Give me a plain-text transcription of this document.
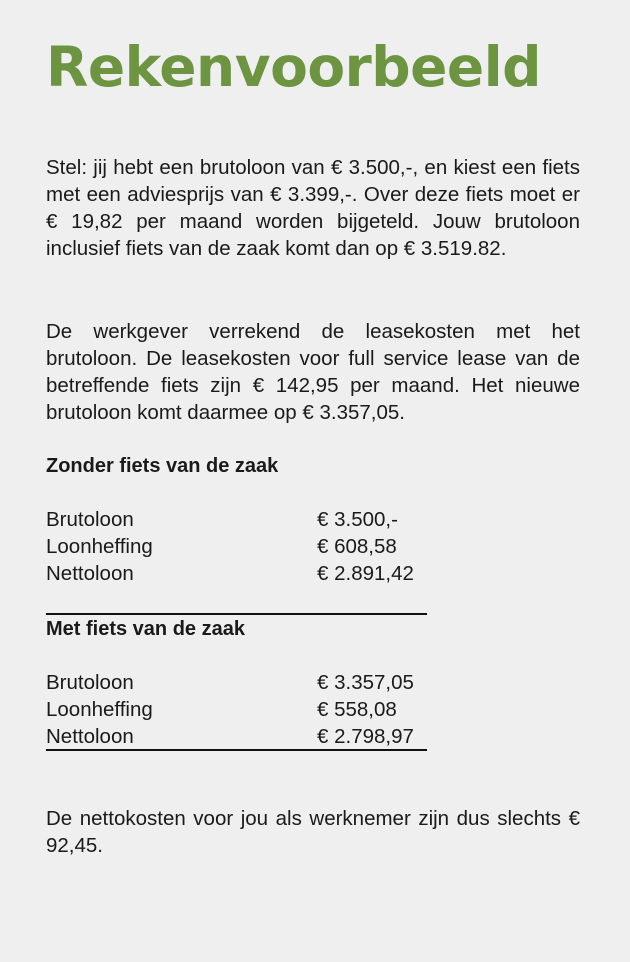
Rekenvoorbeeld

Stel: jij hebt een brutoloon van € 3.500,-, en kiest een fiets met een adviesprijs van € 3.399,-. Over deze fiets moet er € 19,82 per maand worden bijgeteld. Jouw brutoloon inclusief fiets van de zaak komt dan op € 3.519.82.

De werkgever verrekend de leasekosten met het brutoloon. De leasekosten voor full service lease van de betreffende fiets zijn € 142,95 per maand. Het nieuwe brutoloon komt daarmee op € 3.357,05.

Zonder fiets van de zaak
Brutoloon	€ 3.500,-
Loonheffing	€ 608,58
Nettoloon	€ 2.891,42
Met fiets van de zaak
Brutoloon	€ 3.357,05
Loonheffing	€ 558,08
Nettoloon	€ 2.798,97

De nettokosten voor jou als werknemer zijn dus slechts € 92,45.
